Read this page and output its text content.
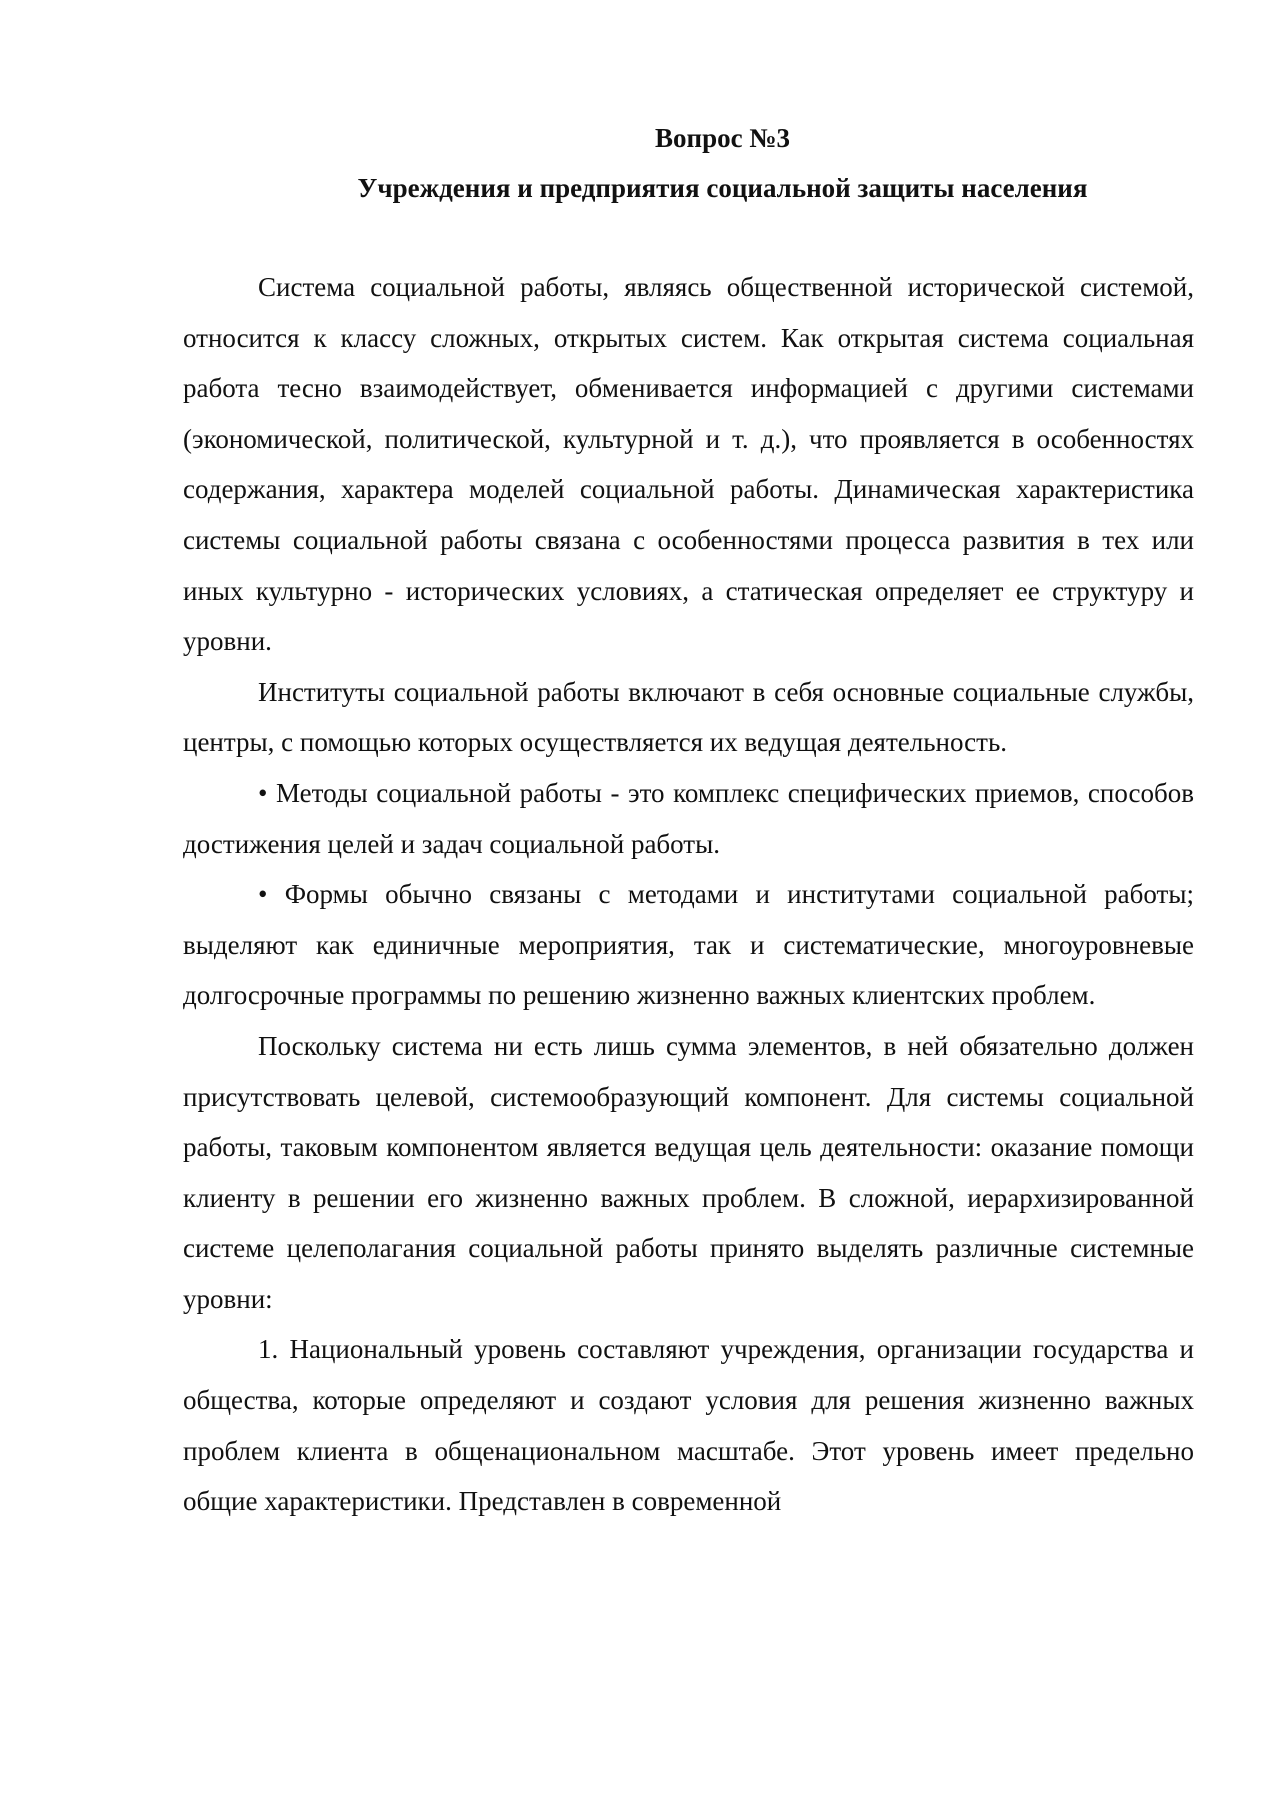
Вопрос №3
Учреждения и предприятия социальной защиты населения

Система социальной работы, являясь общественной исторической системой, относится к классу сложных, открытых систем. Как открытая система социальная работа тесно взаимодействует, обменивается информацией с другими системами (экономической, политической, культурной и т. д.), что проявляется в особенностях содержания, характера моделей социальной работы. Динамическая характеристика системы социальной работы связана с особенностями процесса развития в тех или иных культурно - исторических условиях, а статическая определяет ее структуру и уровни.

Институты социальной работы включают в себя основные социальные службы, центры, с помощью которых осуществляется их ведущая деятельность.

• Методы социальной работы - это комплекс специфических приемов, способов достижения целей и задач социальной работы.

• Формы обычно связаны с методами и институтами социальной работы; выделяют как единичные мероприятия, так и систематические, многоуровневые долгосрочные программы по решению жизненно важных клиентских проблем.

Поскольку система ни есть лишь сумма элементов, в ней обязательно должен присутствовать целевой, системообразующий компонент. Для системы социальной работы, таковым компонентом является ведущая цель деятельности: оказание помощи клиенту в решении его жизненно важных проблем. В сложной, иерархизированной системе целеполагания социальной работы принято выделять различные системные уровни:

1. Национальный уровень составляют учреждения, организации государства и общества, которые определяют и создают условия для решения жизненно важных проблем клиента в общенациональном масштабе. Этот уровень имеет предельно общие характеристики. Представлен в современной
